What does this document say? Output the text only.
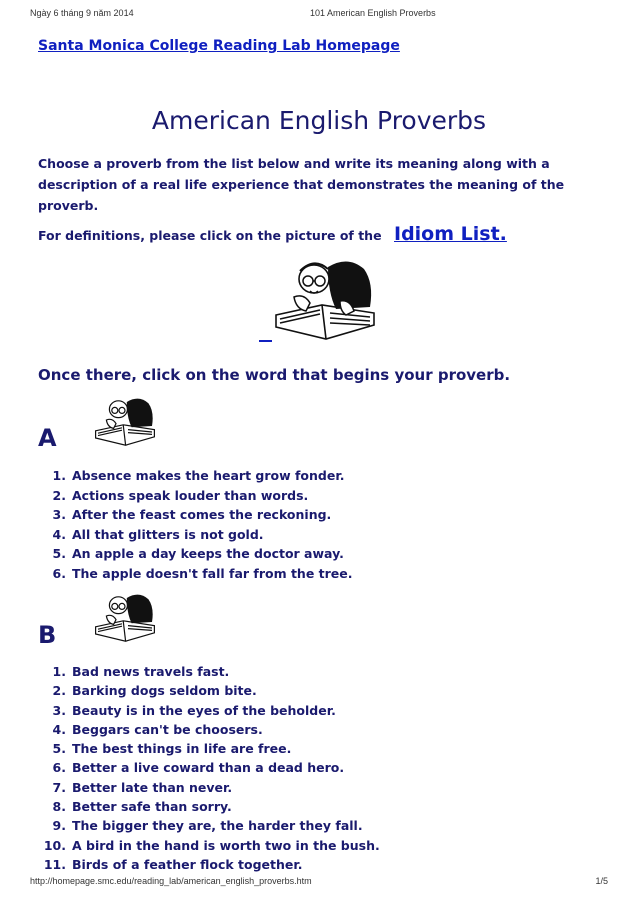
Ngày 6 tháng 9 năm 2014	101 American English Proverbs
Santa Monica College Reading Lab Homepage
American English Proverbs
Choose a proverb from the list below and write its meaning along with a description of a real life experience that demonstrates the meaning of the proverb.
For definitions, please click on the picture of the Idiom List.
Once there, click on the word that begins your proverb.
A
1. Absence makes the heart grow fonder.
2. Actions speak louder than words.
3. After the feast comes the reckoning.
4. All that glitters is not gold.
5. An apple a day keeps the doctor away.
6. The apple doesn't fall far from the tree.
B
1. Bad news travels fast.
2. Barking dogs seldom bite.
3. Beauty is in the eyes of the beholder.
4. Beggars can't be choosers.
5. The best things in life are free.
6. Better a live coward than a dead hero.
7. Better late than never.
8. Better safe than sorry.
9. The bigger they are, the harder they fall.
10. A bird in the hand is worth two in the bush.
11. Birds of a feather flock together.
http://homepage.smc.edu/reading_lab/american_english_proverbs.htm	1/5
